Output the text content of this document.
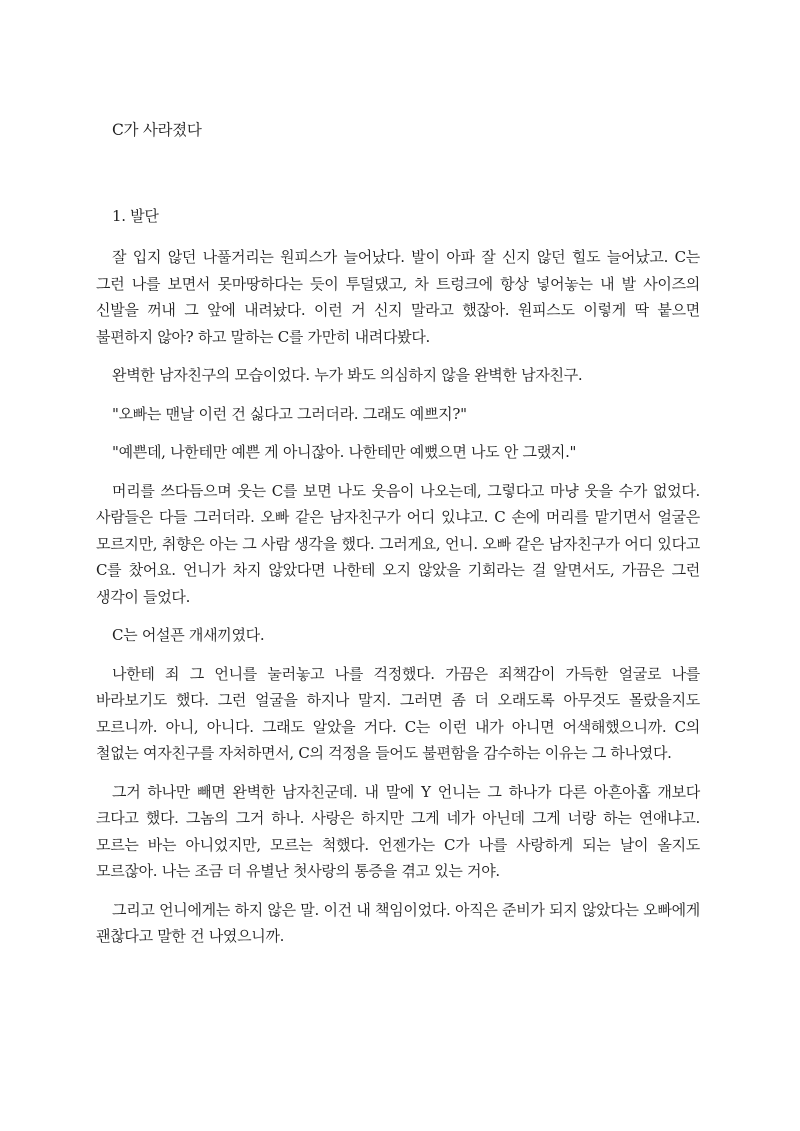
C가 사라졌다
1. 발단

잘 입지 않던 나풀거리는 원피스가 늘어났다. 발이 아파 잘 신지 않던 힐도 늘어났고. C는 그런 나를 보면서 못마땅하다는 듯이 투덜댔고, 차 트렁크에 항상 넣어놓는 내 발 사이즈의 신발을 꺼내 그 앞에 내려놨다. 이런 거 신지 말라고 했잖아. 원피스도 이렇게 딱 붙으면 불편하지 않아? 하고 말하는 C를 가만히 내려다봤다.

완벽한 남자친구의 모습이었다. 누가 봐도 의심하지 않을 완벽한 남자친구.

"오빠는 맨날 이런 건 싫다고 그러더라. 그래도 예쁘지?"

"예쁜데, 나한테만 예쁜 게 아니잖아. 나한테만 예뻤으면 나도 안 그랬지."

머리를 쓰다듬으며 웃는 C를 보면 나도 웃음이 나오는데, 그렇다고 마냥 웃을 수가 없었다. 사람들은 다들 그러더라. 오빠 같은 남자친구가 어디 있냐고. C 손에 머리를 맡기면서 얼굴은 모르지만, 취향은 아는 그 사람 생각을 했다. 그러게요, 언니. 오빠 같은 남자친구가 어디 있다고 C를 찼어요. 언니가 차지 않았다면 나한테 오지 않았을 기회라는 걸 알면서도, 가끔은 그런 생각이 들었다.

C는 어설픈 개새끼였다.

나한테 죄 그 언니를 눌러놓고 나를 걱정했다. 가끔은 죄책감이 가득한 얼굴로 나를 바라보기도 했다. 그런 얼굴을 하지나 말지. 그러면 좀 더 오래도록 아무것도 몰랐을지도 모르니까. 아니, 아니다. 그래도 알았을 거다. C는 이런 내가 아니면 어색해했으니까. C의 철없는 여자친구를 자처하면서, C의 걱정을 들어도 불편함을 감수하는 이유는 그 하나였다.

그거 하나만 빼면 완벽한 남자친군데. 내 말에 Y 언니는 그 하나가 다른 아흔아홉 개보다 크다고 했다. 그놈의 그거 하나. 사랑은 하지만 그게 네가 아닌데 그게 너랑 하는 연애냐고. 모르는 바는 아니었지만, 모르는 척했다. 언젠가는 C가 나를 사랑하게 되는 날이 올지도 모르잖아. 나는 조금 더 유별난 첫사랑의 통증을 겪고 있는 거야.

그리고 언니에게는 하지 않은 말. 이건 내 책임이었다. 아직은 준비가 되지 않았다는 오빠에게 괜찮다고 말한 건 나였으니까.
